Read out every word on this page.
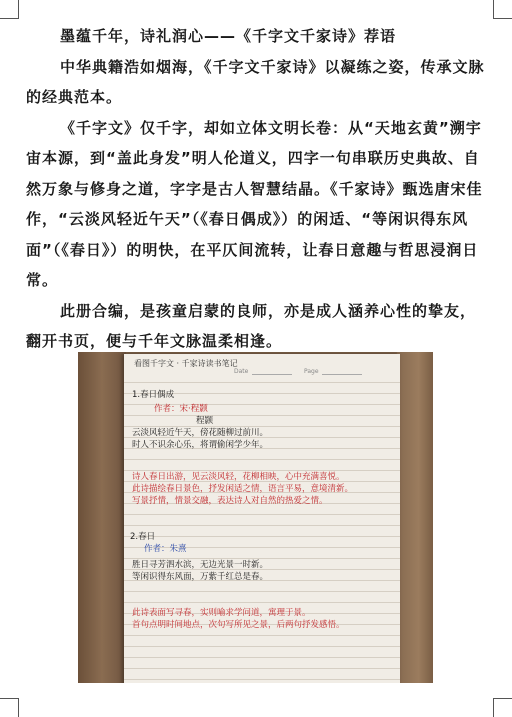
墨蕴千年，诗礼润心——《千字文千家诗》荐语

中华典籍浩如烟海，《千字文千家诗》以凝练之姿，传承文脉的经典范本。

《千字文》仅千字，却如立体文明长卷：从“天地玄黄”溯宇宙本源，到“盖此身发”明人伦道义，四字一句串联历史典故、自然万象与修身之道，字字是古人智慧结晶。《千家诗》甄选唐宋佳作，“云淡风轻近午天”（《春日偶成》）的闲适、“等闲识得东风面”（《春日》）的明快，在平仄间流转，让春日意趣与哲思浸润日常。

此册合编，是孩童启蒙的良师，亦是成人涵养心性的挚友，翻开书页，便与千年文脉温柔相逢。

看图千字文 · 千家诗读书笔记
Date	Page
1.春日偶成
作者：宋·程颢
程颢
云淡风轻近午天，傍花随柳过前川。
时人不识余心乐，将谓偷闲学少年。
诗人春日出游，见云淡风轻，花柳相映，心中充满喜悦。
此诗描绘春日景色，抒发闲适之情，语言平易，意境清新。
写景抒情，情景交融，表达诗人对自然的热爱之情。
2.春日
作者：朱熹
胜日寻芳泗水滨，无边光景一时新。
等闲识得东风面，万紫千红总是春。
此诗表面写寻春，实则喻求学问道，寓理于景。
首句点明时间地点，次句写所见之景，后两句抒发感悟。
